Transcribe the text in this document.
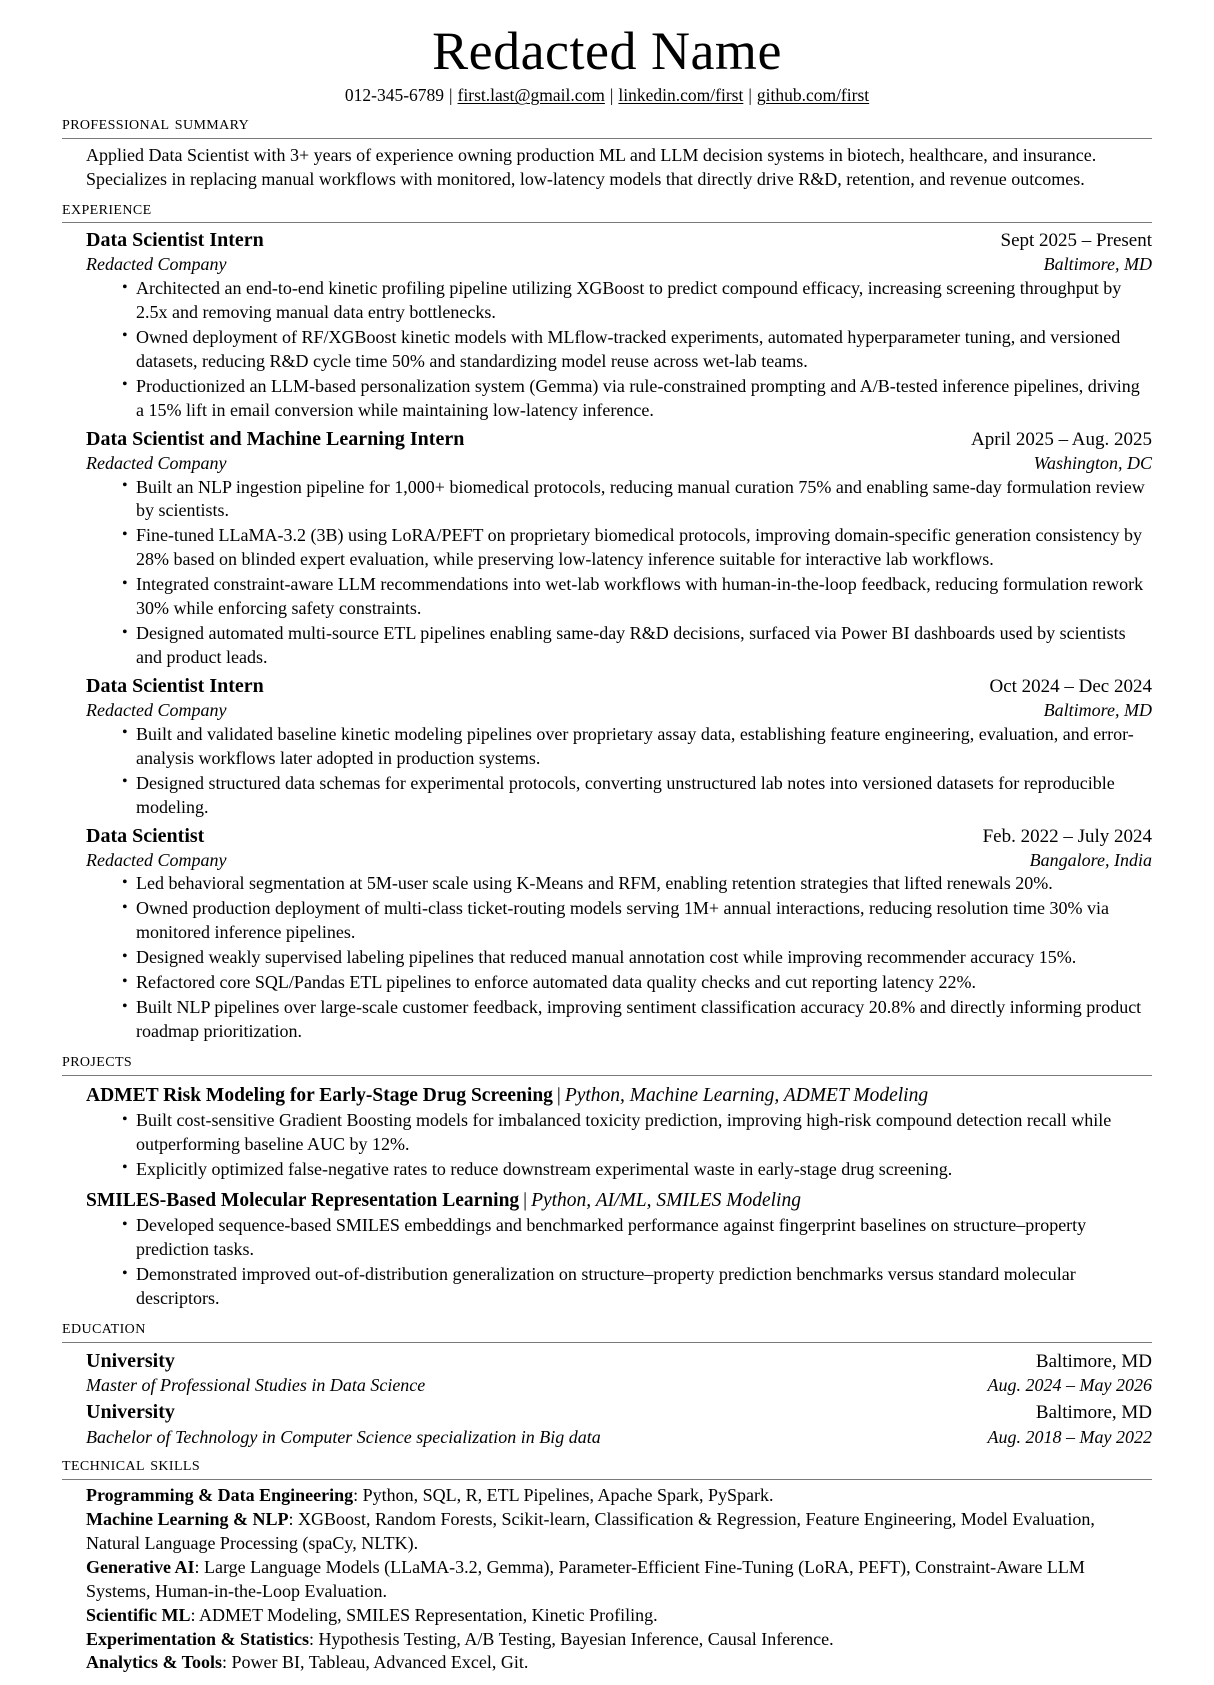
Redacted Name
012-345-6789 | first.last@gmail.com | linkedin.com/first | github.com/first
professional summary
Applied Data Scientist with 3+ years of experience owning production ML and LLM decision systems in biotech, healthcare, and insurance. Specializes in replacing manual workflows with monitored, low-latency models that directly drive R&D, retention, and revenue outcomes.
experience
Data Scientist Intern	Sept 2025 – Present
Redacted Company	Baltimore, MD
• Architected an end-to-end kinetic profiling pipeline utilizing XGBoost to predict compound efficacy, increasing screening throughput by 2.5x and removing manual data entry bottlenecks.
• Owned deployment of RF/XGBoost kinetic models with MLflow-tracked experiments, automated hyperparameter tuning, and versioned datasets, reducing R&D cycle time 50% and standardizing model reuse across wet-lab teams.
• Productionized an LLM-based personalization system (Gemma) via rule-constrained prompting and A/B-tested inference pipelines, driving a 15% lift in email conversion while maintaining low-latency inference.
Data Scientist and Machine Learning Intern	April 2025 – Aug. 2025
Redacted Company	Washington, DC
• Built an NLP ingestion pipeline for 1,000+ biomedical protocols, reducing manual curation 75% and enabling same-day formulation review by scientists.
• Fine-tuned LLaMA-3.2 (3B) using LoRA/PEFT on proprietary biomedical protocols, improving domain-specific generation consistency by 28% based on blinded expert evaluation, while preserving low-latency inference suitable for interactive lab workflows.
• Integrated constraint-aware LLM recommendations into wet-lab workflows with human-in-the-loop feedback, reducing formulation rework 30% while enforcing safety constraints.
• Designed automated multi-source ETL pipelines enabling same-day R&D decisions, surfaced via Power BI dashboards used by scientists and product leads.
Data Scientist Intern	Oct 2024 – Dec 2024
Redacted Company	Baltimore, MD
• Built and validated baseline kinetic modeling pipelines over proprietary assay data, establishing feature engineering, evaluation, and error-analysis workflows later adopted in production systems.
• Designed structured data schemas for experimental protocols, converting unstructured lab notes into versioned datasets for reproducible modeling.
Data Scientist	Feb. 2022 – July 2024
Redacted Company	Bangalore, India
• Led behavioral segmentation at 5M-user scale using K-Means and RFM, enabling retention strategies that lifted renewals 20%.
• Owned production deployment of multi-class ticket-routing models serving 1M+ annual interactions, reducing resolution time 30% via monitored inference pipelines.
• Designed weakly supervised labeling pipelines that reduced manual annotation cost while improving recommender accuracy 15%.
• Refactored core SQL/Pandas ETL pipelines to enforce automated data quality checks and cut reporting latency 22%.
• Built NLP pipelines over large-scale customer feedback, improving sentiment classification accuracy 20.8% and directly informing product roadmap prioritization.
projects
ADMET Risk Modeling for Early-Stage Drug Screening | Python, Machine Learning, ADMET Modeling
• Built cost-sensitive Gradient Boosting models for imbalanced toxicity prediction, improving high-risk compound detection recall while outperforming baseline AUC by 12%.
• Explicitly optimized false-negative rates to reduce downstream experimental waste in early-stage drug screening.
SMILES-Based Molecular Representation Learning | Python, AI/ML, SMILES Modeling
• Developed sequence-based SMILES embeddings and benchmarked performance against fingerprint baselines on structure–property prediction tasks.
• Demonstrated improved out-of-distribution generalization on structure–property prediction benchmarks versus standard molecular descriptors.
education
University	Baltimore, MD
Master of Professional Studies in Data Science	Aug. 2024 – May 2026
University	Baltimore, MD
Bachelor of Technology in Computer Science specialization in Big data	Aug. 2018 – May 2022
technical skills
Programming & Data Engineering: Python, SQL, R, ETL Pipelines, Apache Spark, PySpark.
Machine Learning & NLP: XGBoost, Random Forests, Scikit-learn, Classification & Regression, Feature Engineering, Model Evaluation, Natural Language Processing (spaCy, NLTK).
Generative AI: Large Language Models (LLaMA-3.2, Gemma), Parameter-Efficient Fine-Tuning (LoRA, PEFT), Constraint-Aware LLM Systems, Human-in-the-Loop Evaluation.
Scientific ML: ADMET Modeling, SMILES Representation, Kinetic Profiling.
Experimentation & Statistics: Hypothesis Testing, A/B Testing, Bayesian Inference, Causal Inference.
Analytics & Tools: Power BI, Tableau, Advanced Excel, Git.
